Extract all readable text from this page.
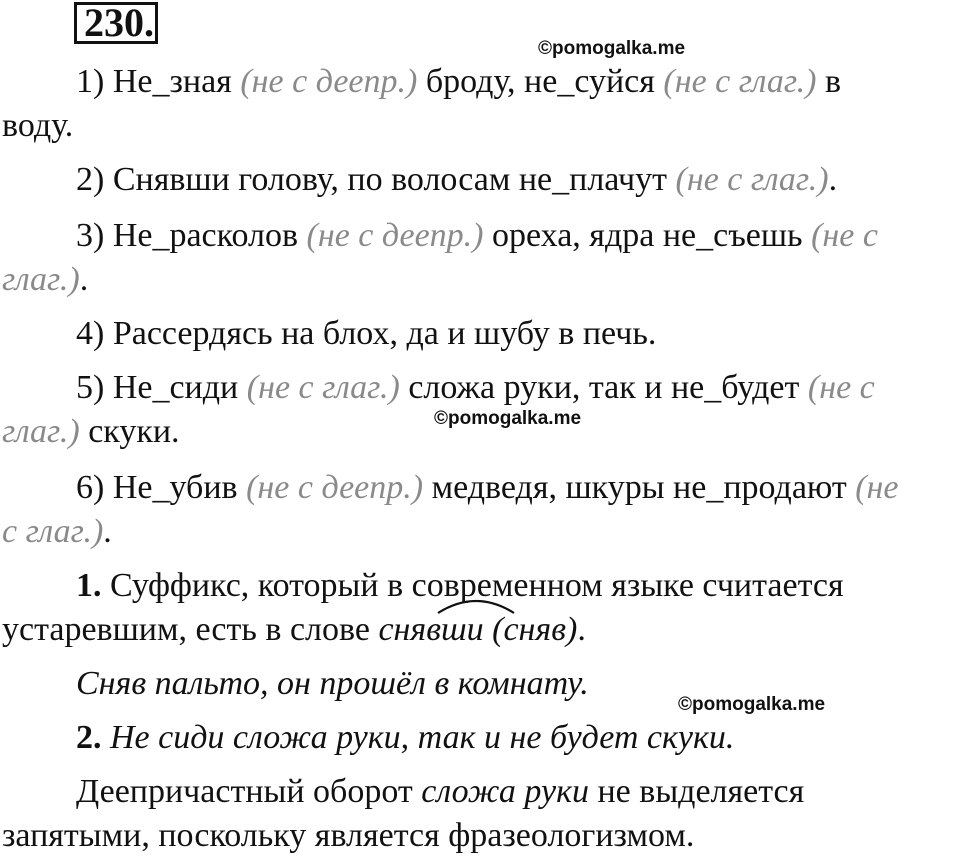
230.
©pomogalka.me
©pomogalka.me
©pomogalka.me
1) Не_зная (не с деепр.) броду, не_суйся (не с глаг.) в
воду.
2) Снявши голову, по волосам не_плачут (не с глаг.).
3) Не_расколов (не с деепр.) ореха, ядра не_съешь (не с
глаг.).
4) Рассердясь на блох, да и шубу в печь.
5) Не_сиди (не с глаг.) сложа руки, так и не_будет (не с
глаг.) скуки.
6) Не_убив (не с деепр.) медведя, шкуры не_продают (не
с глаг.).
1. Суффикс, который в современном языке считается
устаревшим, есть в слове снявши (сняв).
Сняв пальто, он прошёл в комнату.
2. Не сиди сложа руки, так и не будет скуки.
Деепричастный оборот сложа руки не выделяется
запятыми, поскольку является фразеологизмом.
